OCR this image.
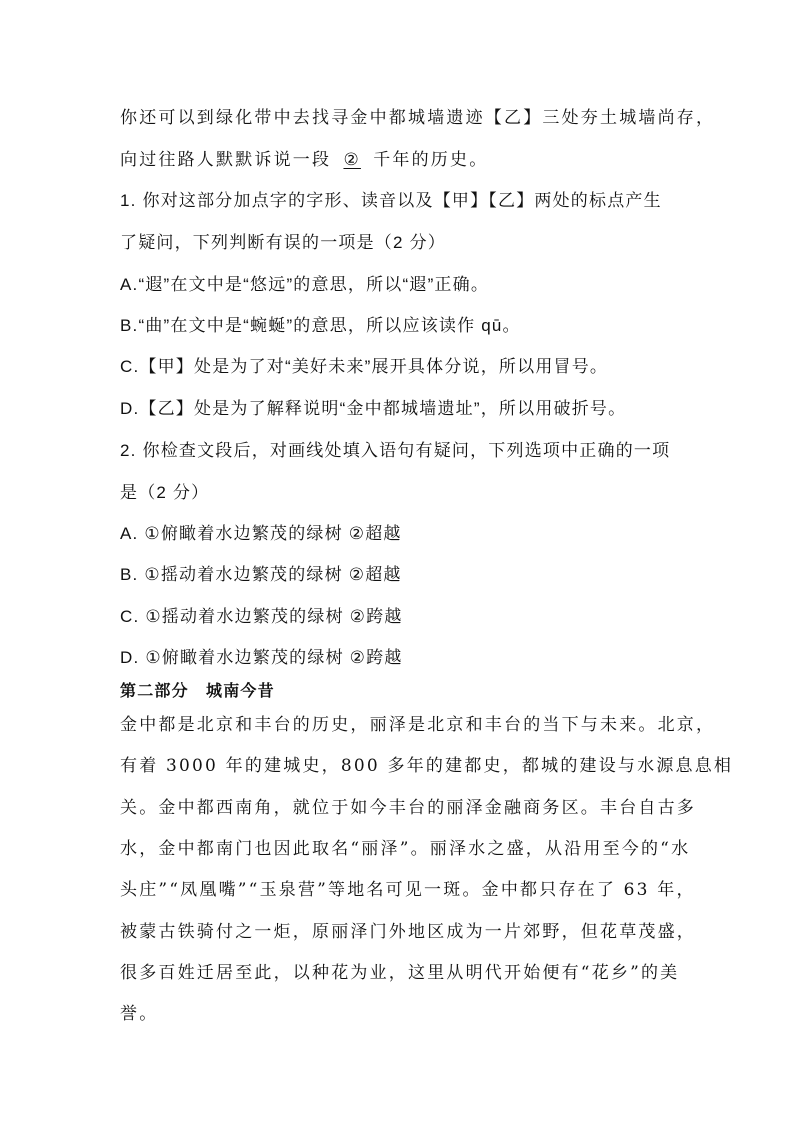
你还可以到绿化带中去找寻金中都城墙遗迹【乙】三处夯土城墙尚存，
向过往路人默默诉说一段 ② 千年的历史。
1. 你对这部分加点字的字形、读音以及【甲】【乙】两处的标点产生
了疑问，下列判断有误的一项是（2 分）
A.“遐”在文中是“悠远”的意思，所以“遐”正确。
B.“曲”在文中是“蜿蜒”的意思，所以应该读作 qū。
C.【甲】处是为了对“美好未来”展开具体分说，所以用冒号。
D.【乙】处是为了解释说明“金中都城墙遗址”，所以用破折号。
2. 你检查文段后，对画线处填入语句有疑问，下列选项中正确的一项
是（2 分）
A. ①俯瞰着水边繁茂的绿树 ②超越
B. ①摇动着水边繁茂的绿树 ②超越
C. ①摇动着水边繁茂的绿树 ②跨越
D. ①俯瞰着水边繁茂的绿树 ②跨越
第二部分　城南今昔
金中都是北京和丰台的历史，丽泽是北京和丰台的当下与未来。北京，
有着 3000 年的建城史，800 多年的建都史，都城的建设与水源息息相
关。金中都西南角，就位于如今丰台的丽泽金融商务区。丰台自古多
水，金中都南门也因此取名“丽泽”。丽泽水之盛，从沿用至今的“水
头庄”“凤凰嘴”“玉泉营”等地名可见一斑。金中都只存在了 63 年，
被蒙古铁骑付之一炬，原丽泽门外地区成为一片郊野，但花草茂盛，
很多百姓迁居至此，以种花为业，这里从明代开始便有“花乡”的美
誉。
